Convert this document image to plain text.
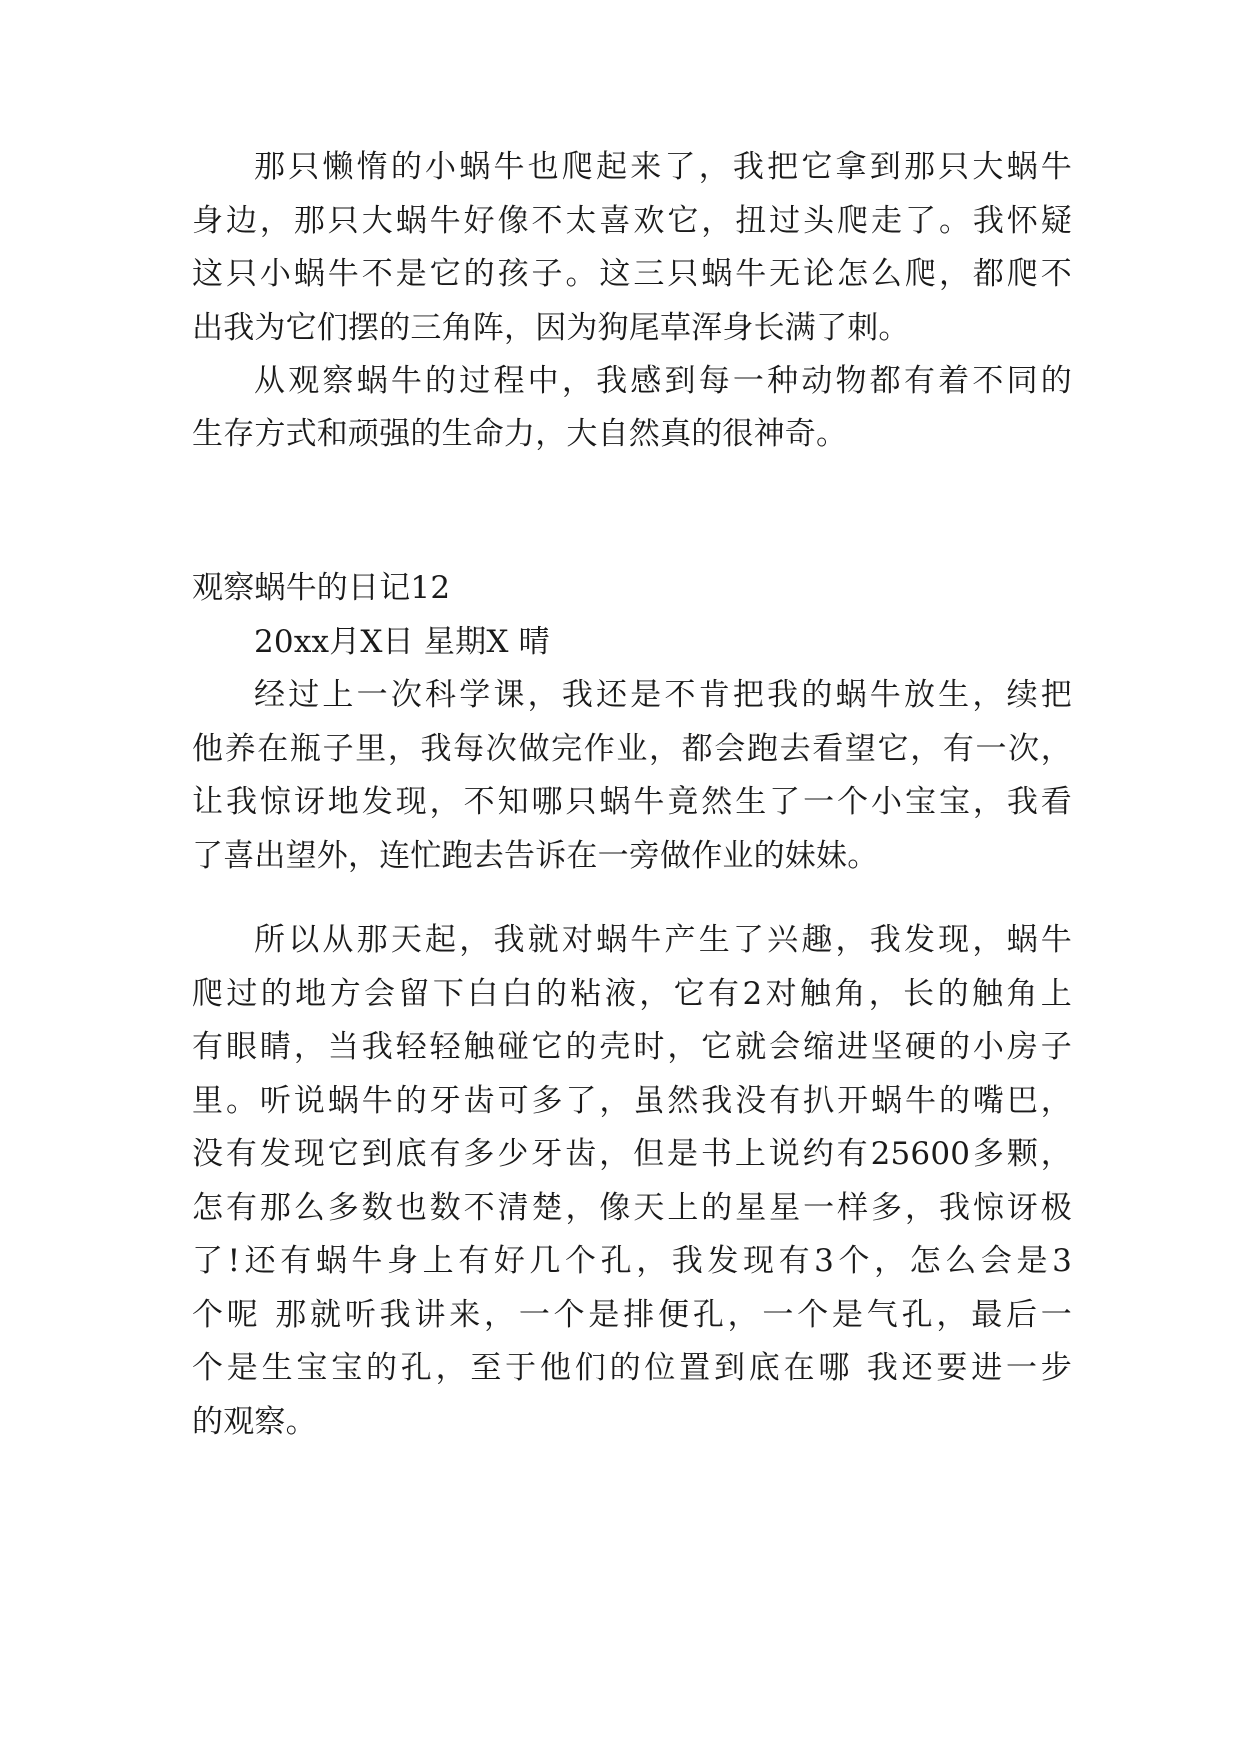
那只懒惰的小蜗牛也爬起来了，我把它拿到那只大蜗牛
身边，那只大蜗牛好像不太喜欢它，扭过头爬走了。我怀疑
这只小蜗牛不是它的孩子。这三只蜗牛无论怎么爬，都爬不
出我为它们摆的三角阵，因为狗尾草浑身长满了刺。
从观察蜗牛的过程中，我感到每一种动物都有着不同的
生存方式和顽强的生命力，大自然真的很神奇。
观察蜗牛的日记12
20xx月X日 星期X 晴
经过上一次科学课，我还是不肯把我的蜗牛放生，续把
他养在瓶子里，我每次做完作业，都会跑去看望它，有一次，
让我惊讶地发现，不知哪只蜗牛竟然生了一个小宝宝，我看
了喜出望外，连忙跑去告诉在一旁做作业的妹妹。
所以从那天起，我就对蜗牛产生了兴趣，我发现，蜗牛
爬过的地方会留下白白的粘液，它有2对触角，长的触角上
有眼睛，当我轻轻触碰它的壳时，它就会缩进坚硬的小房子
里。听说蜗牛的牙齿可多了，虽然我没有扒开蜗牛的嘴巴，
没有发现它到底有多少牙齿，但是书上说约有25600多颗，
怎有那么多数也数不清楚，像天上的星星一样多，我惊讶极
了!还有蜗牛身上有好几个孔，我发现有3个，怎么会是3
个呢 那就听我讲来，一个是排便孔，一个是气孔，最后一
个是生宝宝的孔，至于他们的位置到底在哪 我还要进一步
的观察。
